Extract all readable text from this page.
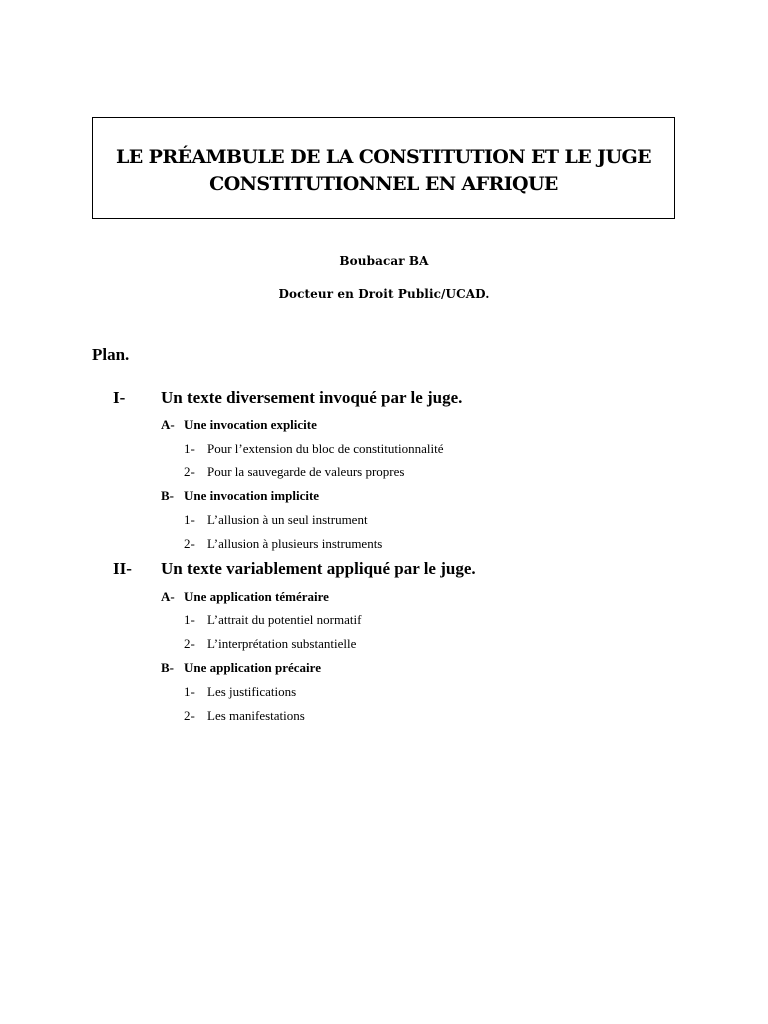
LE PRÉAMBULE DE LA CONSTITUTION ET LE JUGE
CONSTITUTIONNEL EN AFRIQUE
Boubacar BA
Docteur en Droit Public/UCAD.
Plan.
I- Un texte diversement invoqué par le juge.
A- Une invocation explicite
1- Pour l’extension du bloc de constitutionnalité
2- Pour la sauvegarde de valeurs propres
B- Une invocation implicite
1- L’allusion à un seul instrument
2- L’allusion à plusieurs instruments
II- Un texte variablement appliqué par le juge.
A- Une application téméraire
1- L’attrait du potentiel normatif
2- L’interprétation substantielle
B- Une application précaire
1- Les justifications
2- Les manifestations
